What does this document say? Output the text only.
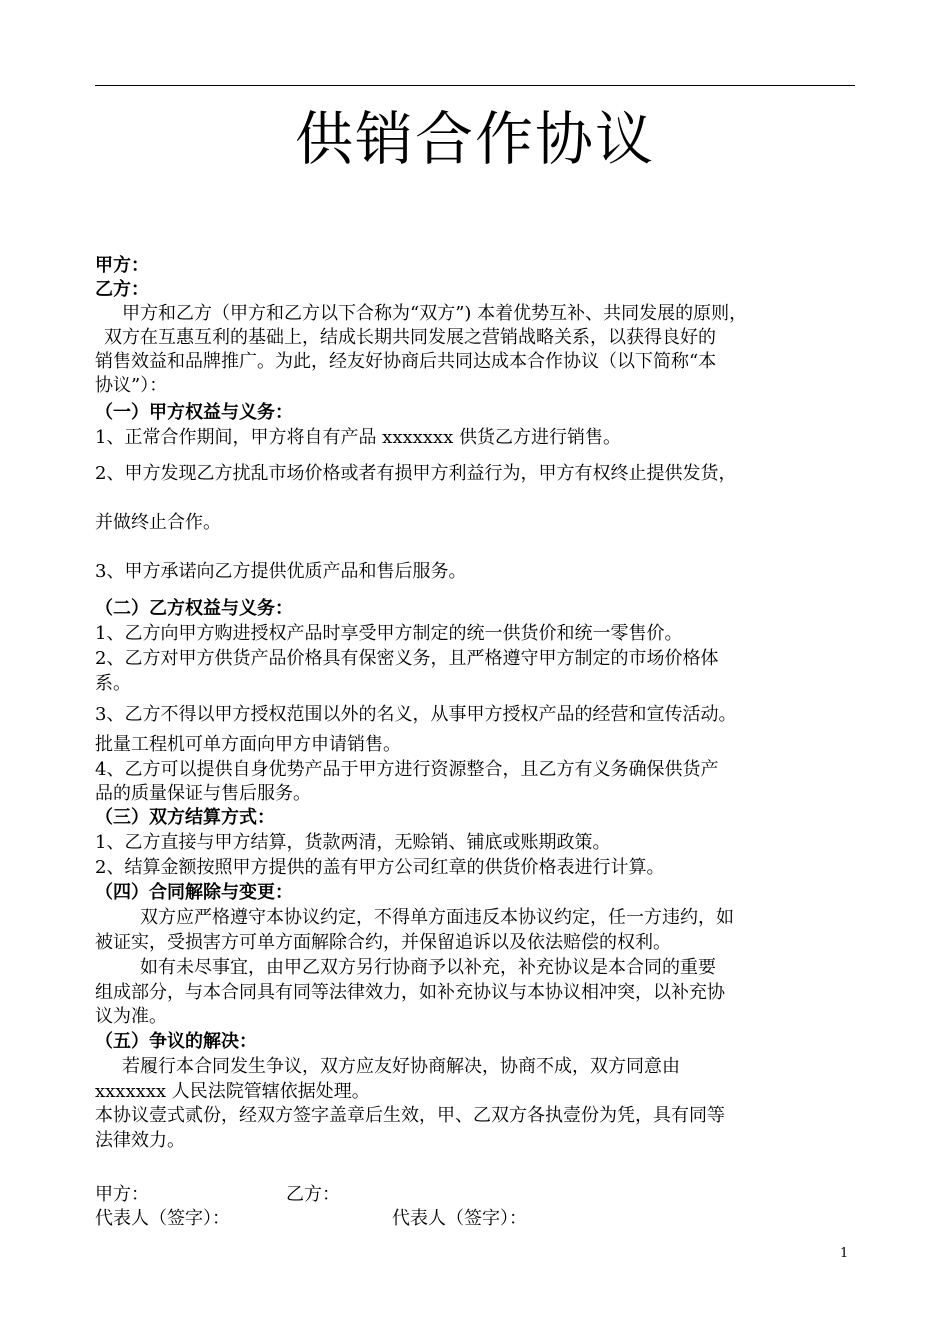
供销合作协议
甲方：
乙方：
甲方和乙方（甲方和乙方以下合称为“双方”) 本着优势互补、共同发展的原则，
双方在互惠互利的基础上，结成长期共同发展之营销战略关系，以获得良好的
销售效益和品牌推广。为此，经友好协商后共同达成本合作协议（以下简称“本
协议”）：
（一）甲方权益与义务：
1、正常合作期间，甲方将自有产品 xxxxxxx 供货乙方进行销售。
2、甲方发现乙方扰乱市场价格或者有损甲方利益行为，甲方有权终止提供发货，
并做终止合作。
3、甲方承诺向乙方提供优质产品和售后服务。
（二）乙方权益与义务：
1、乙方向甲方购进授权产品时享受甲方制定的统一供货价和统一零售价。
2、乙方对甲方供货产品价格具有保密义务，且严格遵守甲方制定的市场价格体
系。
3、乙方不得以甲方授权范围以外的名义，从事甲方授权产品的经营和宣传活动。
批量工程机可单方面向甲方申请销售。
4、乙方可以提供自身优势产品于甲方进行资源整合，且乙方有义务确保供货产
品的质量保证与售后服务。
（三）双方结算方式：
1、乙方直接与甲方结算，货款两清，无赊销、铺底或账期政策。
2、结算金额按照甲方提供的盖有甲方公司红章的供货价格表进行计算。
（四）合同解除与变更：
双方应严格遵守本协议约定，不得单方面违反本协议约定，任一方违约，如
被证实，受损害方可单方面解除合约，并保留追诉以及依法赔偿的权利。
如有未尽事宜，由甲乙双方另行协商予以补充，补充协议是本合同的重要
组成部分，与本合同具有同等法律效力，如补充协议与本协议相冲突，以补充协
议为准。
（五）争议的解决：
若履行本合同发生争议，双方应友好协商解决，协商不成，双方同意由
xxxxxxx 人民法院管辖依据处理。
本协议壹式贰份，经双方签字盖章后生效，甲、乙双方各执壹份为凭，具有同等
法律效力。
甲方：	乙方：
代表人（签字）：	代表人（签字）：
1
